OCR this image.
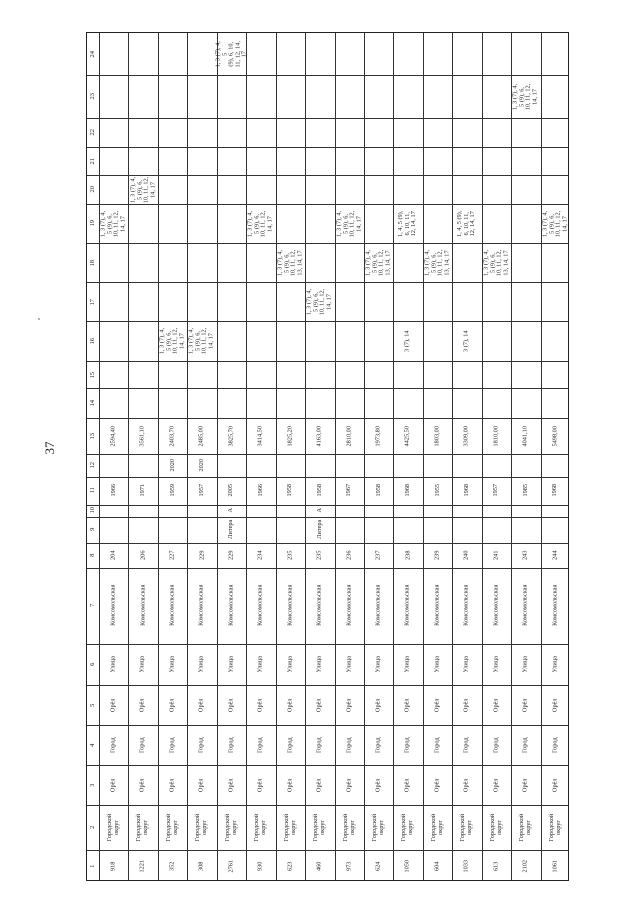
37
1
2
3
4
5
6
7
8
9
10
11
12
13
14
15
16
17
18
19
20
21
22
23
24
918
Городской
округ
Орёл
Город
Орёл
Улица
Комсомольская
204
1966
2594,40
1, 3 (7), 4,
5 (9), 6,
10, 11, 12,
14, 17
1221
Городской
округ
Орёл
Город
Орёл
Улица
Комсомольская
206
1971
3561,10
1, 3 (7), 4,
5 (9), 6,
10, 11, 12,
14, 17
352
Городской
округ
Орёл
Город
Орёл
Улица
Комсомольская
227
1959
2020
2403,70
1, 3 (7), 4,
5 (9), 6,
10, 11, 12,
14, 17
308
Городской
округ
Орёл
Город
Орёл
Улица
Комсомольская
229
1957
2020
2485,00
1, 3 (7), 4,
5 (9), 6,
10, 11, 12,
14, 17
2761
Городской
округ
Орёл
Город
Орёл
Улица
Комсомольская
229
Литера
А
2005
3825,70
1, 3 (7), 4, 5
(9), 6, 10,
11, 12, 14,
17
930
Городской
округ
Орёл
Город
Орёл
Улица
Комсомольская
234
1966
3414,50
1, 3 (7), 4,
5 (9), 6,
10, 11, 12,
14, 17
623
Городской
округ
Орёл
Город
Орёл
Улица
Комсомольская
235
1958
1825,20
1, 3 (7), 4,
5 (9), 6,
10, 11, 12,
13, 14, 17
460
Городской
округ
Орёл
Город
Орёл
Улица
Комсомольская
235
Литера
А
1958
4163,00
1, 3 (7), 4,
5 (9), 6,
10, 11, 12,
14, 17
973
Городской
округ
Орёл
Город
Орёл
Улица
Комсомольская
236
1967
2810,00
1, 3 (7), 4,
5 (9), 6,
10, 11, 12,
14, 17
624
Городской
округ
Орёл
Город
Орёл
Улица
Комсомольская
237
1958
1973,80
1, 3 (7), 4,
5 (9), 6,
10, 11, 12,
13, 14, 17
1050
Городской
округ
Орёл
Город
Орёл
Улица
Комсомольская
238
1968
4425,50
3 (7), 14
1, 4, 5 (9),
6, 10, 11,
12, 14, 17
604
Городской
округ
Орёл
Город
Орёл
Улица
Комсомольская
239
1955
1803,00
1, 3 (7), 4,
5 (9), 6,
10, 11, 12,
13, 14, 17
1033
Городской
округ
Орёл
Город
Орёл
Улица
Комсомольская
240
1968
3309,00
3 (7), 14
1, 4, 5 (9),
6, 10, 11,
12, 14, 17
613
Городской
округ
Орёл
Город
Орёл
Улица
Комсомольская
241
1957
1810,00
1, 3 (7), 4,
5 (9), 6,
10, 11, 12,
13, 14, 17
2102
Городской
округ
Орёл
Город
Орёл
Улица
Комсомольская
243
1985
4041,10
1, 3 (7), 4,
5 (9), 6,
10, 11, 12,
14, 17
1061
Городской
округ
Орёл
Город
Орёл
Улица
Комсомольская
244
1968
5498,00
1, 3 (7), 4,
5 (9), 6,
10, 11, 12,
14, 17
